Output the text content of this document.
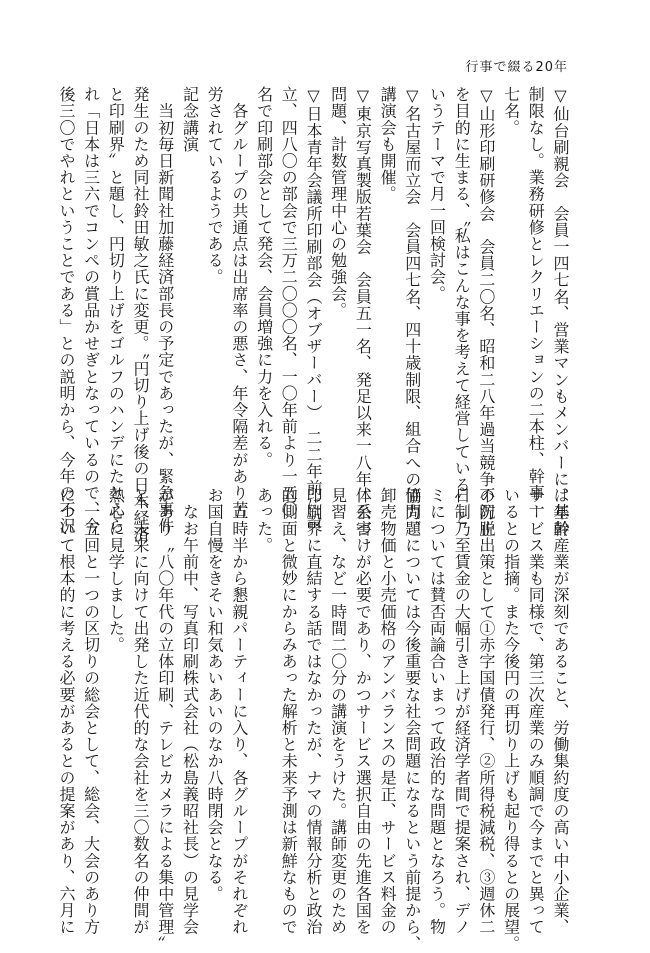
行事で綴る20年
▽仙台刷親会　会員一四七名、営業マンもメンバーに、年齢
制限なし。業務研修とレクリエーションの二本柱、幹事一
七名。
▽山形印刷研修会　会員二〇名、昭和二八年過当競争の防止
を目的に生まる、〝私はこんな事を考えて経営している〟と
いうテーマで月一回検討会。
▽名古屋而立会　会員四七名、四十歳制限、組合への協力、
講演会も開催。
▽東京写真製版若葉会　会員五一名、発足以来一八年、公害
問題、計数管理中心の勉強会。
▽日本青年会議所印刷部会（オブザーバー）　二二年前に設
立、四八〇の部会で三万二〇〇〇名、一〇年前より一五〇
名で印刷部会として発会、会員増強に力を入れる。
　各グループの共通点は出席率の悪さ、年令隔差があり苦
労されているようである。
記念講演
　当初毎日新聞社加藤経済部長の予定であったが、緊急事件
発生のため同社鈴田敏之氏に変更。〝円切り上げ後の日本経済
と印刷界〟と題し、円切り上げをゴルフのハンデにたとえら
れ「日本は三六でコンペの賞品かせぎとなっているので、今
後三〇でやれということである」との説明から、今年の不況
は基幹産業が深刻であること、労働集約度の高い中小企業、
サービス業も同様で、第三次産業のみ順調で今までと異って
いるとの指摘。また今後円の再切り上げも起り得るとの展望。
不況脱出策として①赤字国債発行、②所得税減税、③週休二
日制乃至賃金の大幅引き上げが経済学者間で提案され、デノ
ミについては賛否両論合いまって政治的な問題となろう。物
価問題については今後重要な社会問題になるという前提から、
卸売物価と小売価格のアンバランスの是正、サービス料金の
体系づけが必要であり、かつサービス選択自由の先進各国を
見習え、など一時間二〇分の講演をうけた。講師変更のため
印刷界に直結する話ではなかったが、ナマの情報分析と政治
的側面と微妙にからみあった解析と未来予測は新鮮なもので
あった。
　五時半から懇親パーティーに入り、各グループがそれぞれ
お国自慢をきそい和気あいあいのなか八時閉会となる。
　なお午前中、写真印刷株式会社（松島義昭社長）の見学会
があり〝八〇年代の立体印刷、テレビカメラによる集中管理〟
と、未来に向けて出発した近代的な会社を三〇数名の仲間が
熱心に見学しました。
　一五回と一つの区切りの総会として、総会、大会のあり方
について根本的に考える必要があるとの提案があり、六月に
